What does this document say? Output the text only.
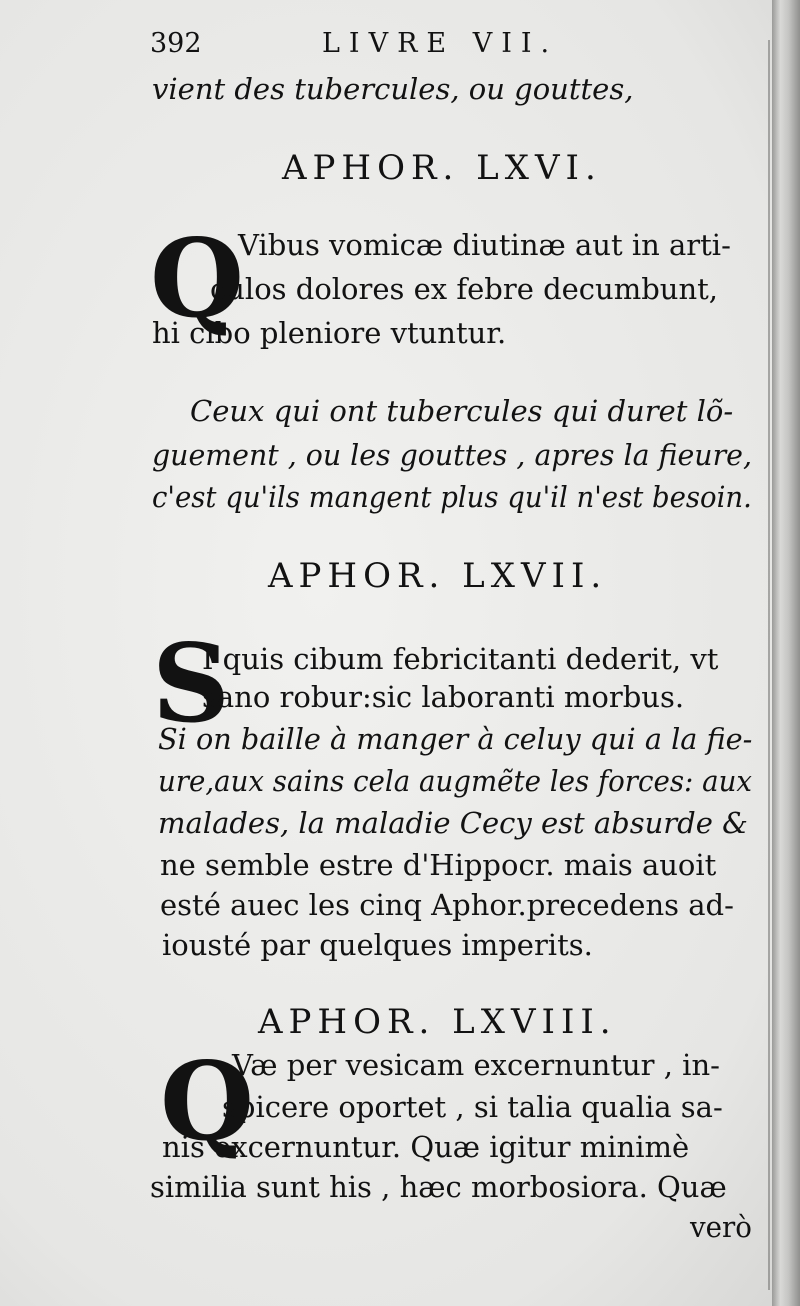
392	LIVRE VII.
vient des tubercules, ou gouttes,
APHOR. LXVI.
Q
Vibus vomicæ diutinæ aut in arti-
culos dolores ex febre decumbunt,
hi cibo pleniore vtuntur.
Ceux qui ont tubercules qui duret lõ-
guement , ou les gouttes , apres la fieure,
c'est qu'ils mangent plus qu'il n'est besoin.
APHOR. LXVII.
S
I quis cibum febricitanti dederit, vt
sano robur:sic laboranti morbus.
Si on baille à manger à celuy qui a la fie-
ure,aux sains cela augmẽte les forces: aux
malades, la maladie Cecy est absurde &
ne semble estre d'Hippocr. mais auoit
esté auec les cinq Aphor.precedens ad-
iousté par quelques imperits.
APHOR. LXVIII.
Q
Væ per vesicam excernuntur , in-
spicere oportet , si talia qualia sa-
nis excernuntur. Quæ igitur minimè
similia sunt his , hæc morbosiora. Quæ
verò
